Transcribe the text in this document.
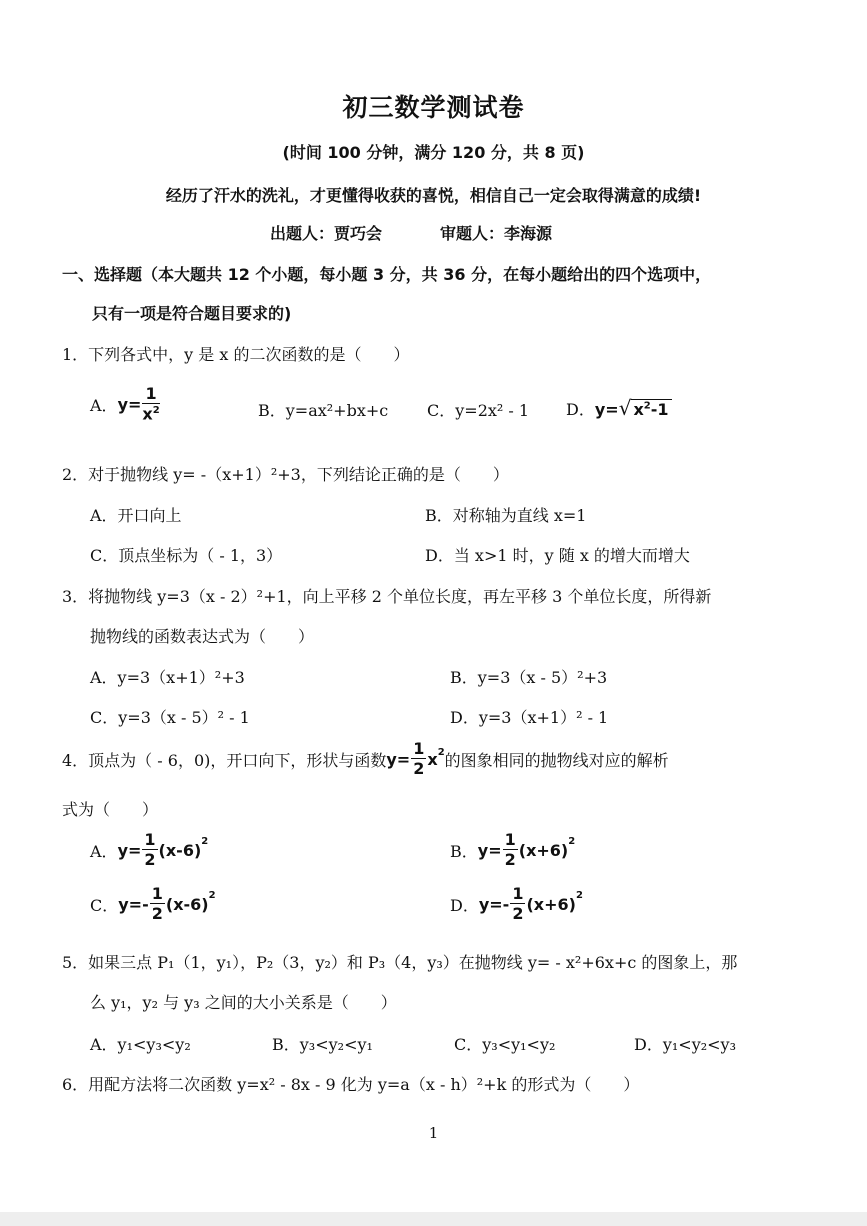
初三数学测试卷
(时间 100 分钟，满分 120 分，共 8 页)
经历了汗水的洗礼，才更懂得收获的喜悦，相信自己一定会取得满意的成绩!
出题人：贾巧会	审题人：李海源
一、选择题（本大题共 12 个小题，每小题 3 分，共 36 分，在每小题给出的四个选项中，
只有一项是符合题目要求的)
1．下列各式中，y 是 x 的二次函数的是（　　）
A． $y= \frac{1}{x^2}$	B．y=ax²+bx+c C．y=2x² - 1 D．y=√ $x^2-1$
2．对于抛物线 y= -（x+1）²+3，下列结论正确的是（　　）
A．开口向上	B．对称轴为直线 x=1
C．顶点坐标为（ - 1，3）	D．当 x>1 时，y 随 x 的增大而增大
3．将抛物线 y=3（x - 2）²+1，向上平移 2 个单位长度，再左平移 3 个单位长度，所得新
抛物线的函数表达式为（　　）
A．y=3（x+1）²+3	B．y=3（x - 5）²+3
C．y=3（x - 5）² - 1	D．y=3（x+1）² - 1
4．顶点为（ - 6，0)，开口向下，形状与函数 $y= \frac{1}{2}$ x 2 的图象相同的抛物线对应的解析
式为（　　）
A． $y= \frac{1}{2} (x-6)$ 2	B． $y= \frac{1}{2} (x+6)$ 2
C． $y=- \frac{1}{2} (x-6)$ 2	D． $y=- \frac{1}{2} (x+6)$ 2
5．如果三点 P₁（1，y₁），P₂（3，y₂）和 P₃（4，y₃）在抛物线 y= - x²+6x+c 的图象上，那
么 y₁，y₂ 与 y₃ 之间的大小关系是（　　）
A．y₁<y₃<y₂	B．y₃<y₂<y₁	C．y₃<y₁<y₂	D．y₁<y₂<y₃
6．用配方法将二次函数 y=x² - 8x - 9 化为 y=a（x - h）²+k 的形式为（　　）
1
